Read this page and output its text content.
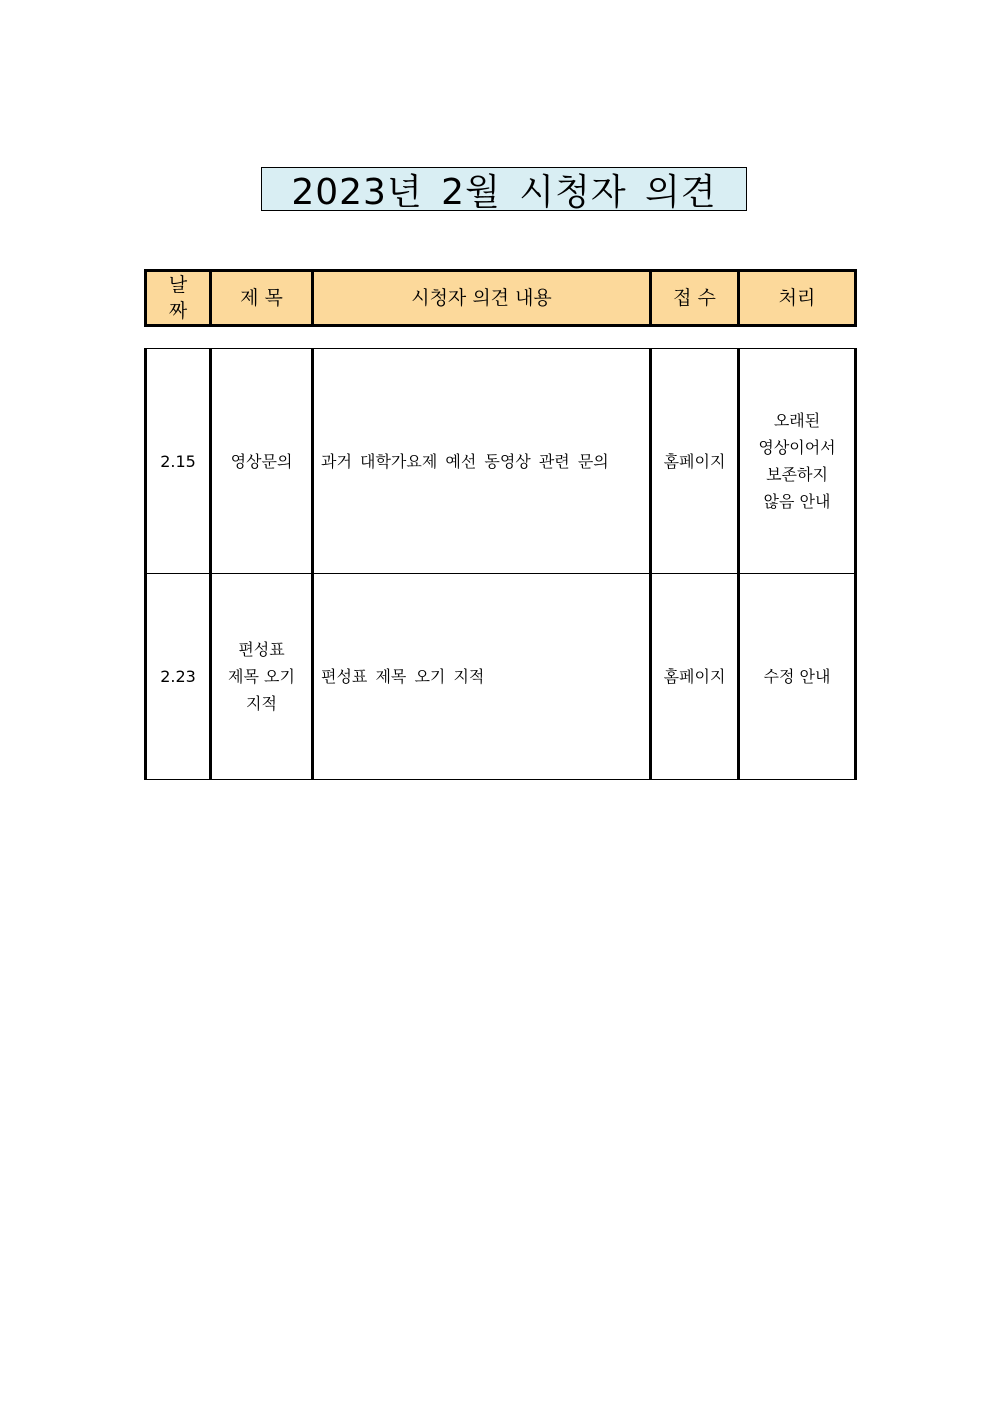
2023년 2월 시청자 의견
날
짜
	제 목	시청자 의견 내용	접 수	처리
2.15	영상문의	과거 대학가요제 예선 동영상 관련 문의	홈페이지	오래된
영상이어서
보존하지
않음 안내

2.23	편성표
제목 오기
지적	편성표 제목 오기 지적	홈페이지	수정 안내
